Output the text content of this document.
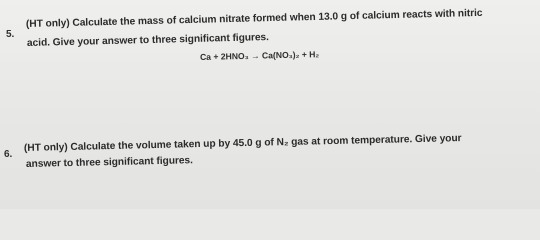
5.
(HT only) Calculate the mass of calcium nitrate formed when 13.0 g of calcium reacts with nitric
acid. Give your answer to three significant figures.
Ca + 2HNO₃ → Ca(NO₃)₂ + H₂
6.
(HT only) Calculate the volume taken up by 45.0 g of N₂ gas at room temperature. Give your
answer to three significant figures.
